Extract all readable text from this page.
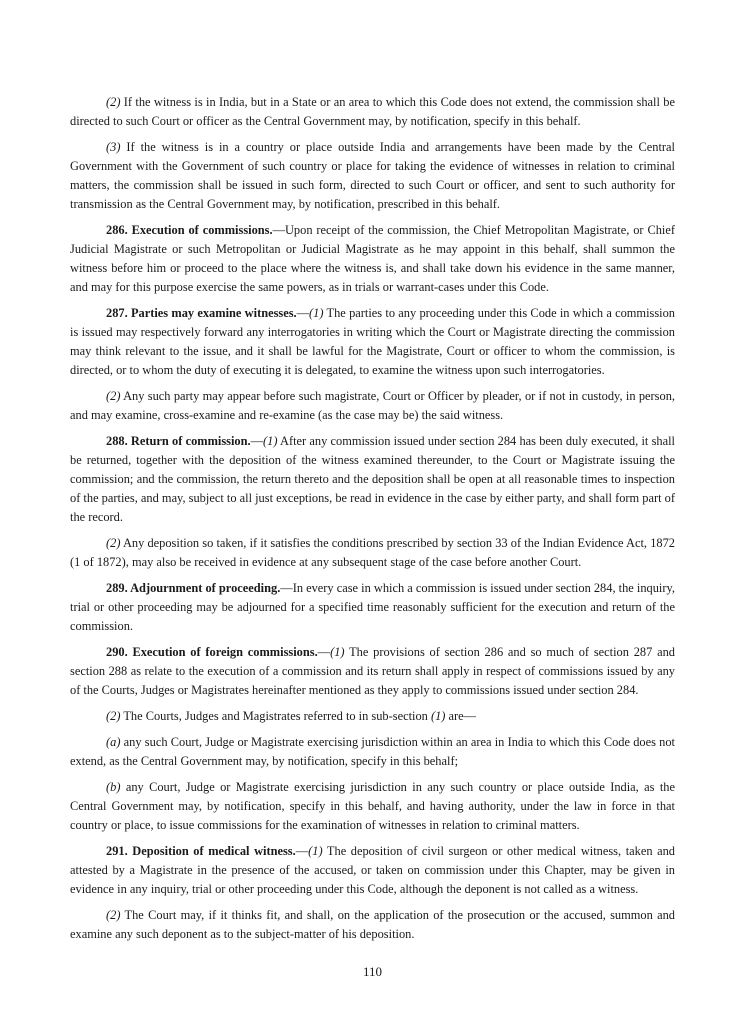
(2) If the witness is in India, but in a State or an area to which this Code does not extend, the commission shall be directed to such Court or officer as the Central Government may, by notification, specify in this behalf.

(3) If the witness is in a country or place outside India and arrangements have been made by the Central Government with the Government of such country or place for taking the evidence of witnesses in relation to criminal matters, the commission shall be issued in such form, directed to such Court or officer, and sent to such authority for transmission as the Central Government may, by notification, prescribed in this behalf.

286. Execution of commissions.—Upon receipt of the commission, the Chief Metropolitan Magistrate, or Chief Judicial Magistrate or such Metropolitan or Judicial Magistrate as he may appoint in this behalf, shall summon the witness before him or proceed to the place where the witness is, and shall take down his evidence in the same manner, and may for this purpose exercise the same powers, as in trials or warrant-cases under this Code.

287. Parties may examine witnesses.—(1) The parties to any proceeding under this Code in which a commission is issued may respectively forward any interrogatories in writing which the Court or Magistrate directing the commission may think relevant to the issue, and it shall be lawful for the Magistrate, Court or officer to whom the commission, is directed, or to whom the duty of executing it is delegated, to examine the witness upon such interrogatories.

(2) Any such party may appear before such magistrate, Court or Officer by pleader, or if not in custody, in person, and may examine, cross-examine and re-examine (as the case may be) the said witness.

288. Return of commission.—(1) After any commission issued under section 284 has been duly executed, it shall be returned, together with the deposition of the witness examined thereunder, to the Court or Magistrate issuing the commission; and the commission, the return thereto and the deposition shall be open at all reasonable times to inspection of the parties, and may, subject to all just exceptions, be read in evidence in the case by either party, and shall form part of the record.

(2) Any deposition so taken, if it satisfies the conditions prescribed by section 33 of the Indian Evidence Act, 1872 (1 of 1872), may also be received in evidence at any subsequent stage of the case before another Court.

289. Adjournment of proceeding.—In every case in which a commission is issued under section 284, the inquiry, trial or other proceeding may be adjourned for a specified time reasonably sufficient for the execution and return of the commission.

290. Execution of foreign commissions.—(1) The provisions of section 286 and so much of section 287 and section 288 as relate to the execution of a commission and its return shall apply in respect of commissions issued by any of the Courts, Judges or Magistrates hereinafter mentioned as they apply to commissions issued under section 284.

(2) The Courts, Judges and Magistrates referred to in sub-section (1) are—

(a) any such Court, Judge or Magistrate exercising jurisdiction within an area in India to which this Code does not extend, as the Central Government may, by notification, specify in this behalf;

(b) any Court, Judge or Magistrate exercising jurisdiction in any such country or place outside India, as the Central Government may, by notification, specify in this behalf, and having authority, under the law in force in that country or place, to issue commissions for the examination of witnesses in relation to criminal matters.

291. Deposition of medical witness.—(1) The deposition of civil surgeon or other medical witness, taken and attested by a Magistrate in the presence of the accused, or taken on commission under this Chapter, may be given in evidence in any inquiry, trial or other proceeding under this Code, although the deponent is not called as a witness.

(2) The Court may, if it thinks fit, and shall, on the application of the prosecution or the accused, summon and examine any such deponent as to the subject-matter of his deposition.

110
